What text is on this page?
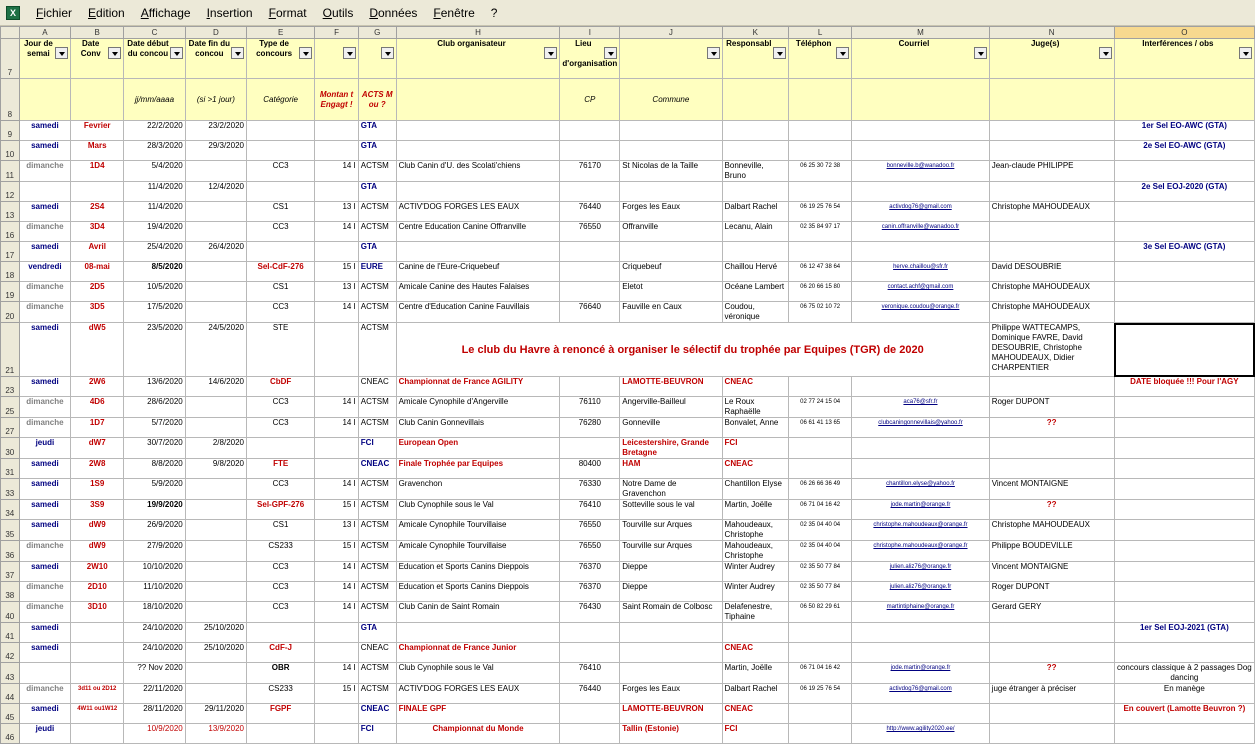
X	Fichier	Edition	Affichage	Insertion	Format	Outils	Données	Fenêtre	?
	A	B	C	D	E	F	G	H	I	J	K	L	M	N	O
7	Jour de semai	Date Conv	Date début du concou	Date fin du concou	Type de concours			Club organisateur	Lieu d'organisation		Responsabl	Téléphon	Courriel	Juge(s)	Interférences / obs
8			jj/mm/aaaa	(si >1 jour)	Catégorie	Montan t Engagt !	ACTS M ou ?		CP	Commune					
9	samedi	Fevrier	22/2/2020	23/2/2020			GTA								1er Sel EO-AWC (GTA)
10	samedi	Mars	28/3/2020	29/3/2020			GTA								2e Sel EO-AWC (GTA)
11	dimanche	1D4	5/4/2020		CC3	14 I	ACTSM	Club Canin d'U. des Scolati'chiens	76170	St Nicolas de la Taille	Bonneville, Bruno	06 25 30 72 38	bonneville.b@wanadoo.fr	Jean-claude PHILIPPE	
12			11/4/2020	12/4/2020			GTA								2e Sel EOJ-2020 (GTA)
13	samedi	2S4	11/4/2020		CS1	13 I	ACTSM	ACTIV'DOG FORGES LES EAUX	76440	Forges les Eaux	Dalbart Rachel	06 19 25 76 54	activdog76@gmail.com	Christophe MAHOUDEAUX	
16	dimanche	3D4	19/4/2020		CC3	14 I	ACTSM	Centre Education Canine Offranville	76550	Offranville	Lecanu, Alain	02 35 84 97 17	canin.offranville@wanadoo.fr		
17	samedi	Avril	25/4/2020	26/4/2020			GTA								3e Sel EO-AWC (GTA)
18	vendredi	08-mai	8/5/2020		Sel-CdF-276	15 I	EURE	Canine de l'Eure-Criquebeuf		Criquebeuf	Chaillou Hervé	06 12 47 38 64	herve.chaillou@sfr.fr	David DESOUBRIE	
19	dimanche	2D5	10/5/2020		CS1	13 I	ACTSM	Amicale Canine des Hautes Falaises		Eletot	Océane Lambert	06 20 66 15 80	contact.achf@gmail.com	Christophe MAHOUDEAUX	
20	dimanche	3D5	17/5/2020		CC3	14 I	ACTSM	Centre d'Education Canine Fauvillais	76640	Fauville en Caux	Coudou, véronique	06 75 02 10 72	veronique.coudou@orange.fr	Christophe MAHOUDEAUX	
21	samedi	dW5	23/5/2020	24/5/2020	STE		ACTSM	Le club du Havre à renoncé à organiser le sélectif du trophée par Equipes (TGR) de 2020						Philippe WATTECAMPS, Dominique FAVRE, David DESOUBRIE, Christophe MAHOUDEAUX, Didier CHARPENTIER	
23	samedi	2W6	13/6/2020	14/6/2020	CbDF		CNEAC	Championnat de France AGILITY		LAMOTTE-BEUVRON	CNEAC				DATE bloquée !!! Pour l'AGY
25	dimanche	4D6	28/6/2020		CC3	14 I	ACTSM	Amicale Cynophile d'Angerville	76110	Angerville-Bailleul	Le Roux Raphaëlle	02 77 24 15 04	aca76@sfr.fr	Roger DUPONT	
27	dimanche	1D7	5/7/2020		CC3	14 I	ACTSM	Club Canin Gonnevillais	76280	Gonneville	Bonvalet, Anne	06 61 41 13 65	clubcaningonnevillais@yahoo.fr	??	
30	jeudi	dW7	30/7/2020	2/8/2020			FCI	European Open		Leicestershire, Grande Bretagne	FCI				
31	samedi	2W8	8/8/2020	9/8/2020	FTE		CNEAC	Finale Trophée par Equipes	80400	HAM	CNEAC				
33	samedi	1S9	5/9/2020		CC3	14 I	ACTSM	Gravenchon	76330	Notre Dame de Gravenchon	Chantillon Elyse	06 26 66 36 49	chantillon.elyse@yahoo.fr	Vincent MONTAIGNE	
34	samedi	3S9	19/9/2020		Sel-GPF-276	15 I	ACTSM	Club Cynophile sous le Val	76410	Sotteville sous le val	Martin, Joëlle	06 71 04 16 42	jode.martin@orange.fr	??	
35	samedi	dW9	26/9/2020		CS1	13 I	ACTSM	Amicale Cynophile Tourvillaise	76550	Tourville sur Arques	Mahoudeaux, Christophe	02 35 04 40 04	christophe.mahoudeaux@orange.fr	Christophe MAHOUDEAUX	
36	dimanche	dW9	27/9/2020		CS233	15 I	ACTSM	Amicale Cynophile Tourvillaise	76550	Tourville sur Arques	Mahoudeaux, Christophe	02 35 04 40 04	christophe.mahoudeaux@orange.fr	Philippe BOUDEVILLE	
37	samedi	2W10	10/10/2020		CC3	14 I	ACTSM	Education et Sports Canins Dieppois	76370	Dieppe	Winter Audrey	02 35 50 77 84	julien.aliz76@orange.fr	Vincent MONTAIGNE	
38	dimanche	2D10	11/10/2020		CC3	14 I	ACTSM	Education et Sports Canins Dieppois	76370	Dieppe	Winter Audrey	02 35 50 77 84	julien.aliz76@orange.fr	Roger DUPONT	
40	dimanche	3D10	18/10/2020		CC3	14 I	ACTSM	Club Canin de Saint Romain	76430	Saint Romain de Colbosc	Delafenestre, Tiphaine	06 50 82 29 61	martintiphaine@orange.fr	Gerard GERY	
41	samedi		24/10/2020	25/10/2020			GTA								1er Sel EOJ-2021 (GTA)
42	samedi		24/10/2020	25/10/2020	CdF-J		CNEAC	Championnat de France Junior			CNEAC				
43			?? Nov 2020		OBR	14 I	ACTSM	Club Cynophile sous le Val	76410		Martin, Joëlle	06 71 04 16 42	jode.martin@orange.fr	??	concours classique à 2 passages Dog dancing
44	dimanche	3d11 ou 2D12	22/11/2020		CS233	15 I	ACTSM	ACTIV'DOG FORGES LES EAUX	76440	Forges les Eaux	Dalbart Rachel	06 19 25 76 54	activdog76@gmail.com	juge étranger à préciser	En manège
45	samedi	4W11 ou1W12	28/11/2020	29/11/2020	FGPF		CNEAC	FINALE GPF		LAMOTTE-BEUVRON	CNEAC				En couvert (Lamotte Beuvron ?)
46	jeudi		10/9/2020	13/9/2020			FCI	Championnat du Monde		Tallin (Estonie)	FCI		http://www.agility2020.ee/		
